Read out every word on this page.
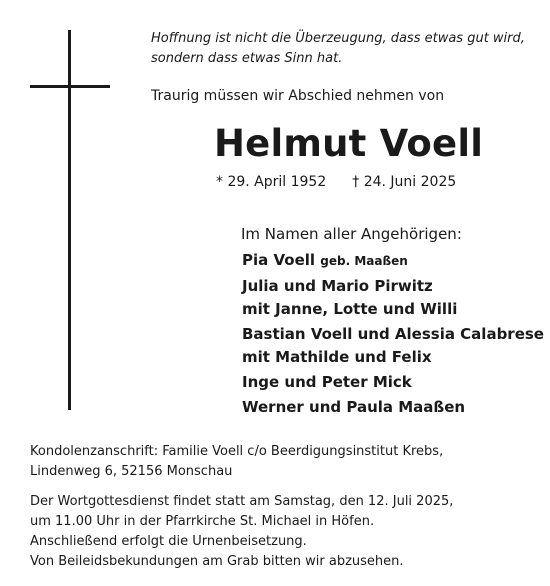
Hoffnung ist nicht die Überzeugung, dass etwas gut wird,
sondern dass etwas Sinn hat.
Traurig müssen wir Abschied nehmen von
Helmut Voell
* 29. April 1952 † 24. Juni 2025
Im Namen aller Angehörigen:
Pia Voell geb. Maaßen
Julia und Mario Pirwitz
mit Janne, Lotte und Willi
Bastian Voell und Alessia Calabrese
mit Mathilde und Felix
Inge und Peter Mick
Werner und Paula Maaßen
Kondolenzanschrift: Familie Voell c/o Beerdigungsinstitut Krebs,
Lindenweg 6, 52156 Monschau
Der Wortgottesdienst findet statt am Samstag, den 12. Juli 2025,
um 11.00 Uhr in der Pfarrkirche St. Michael in Höfen.
Anschließend erfolgt die Urnenbeisetzung.
Von Beileidsbekundungen am Grab bitten wir abzusehen.
